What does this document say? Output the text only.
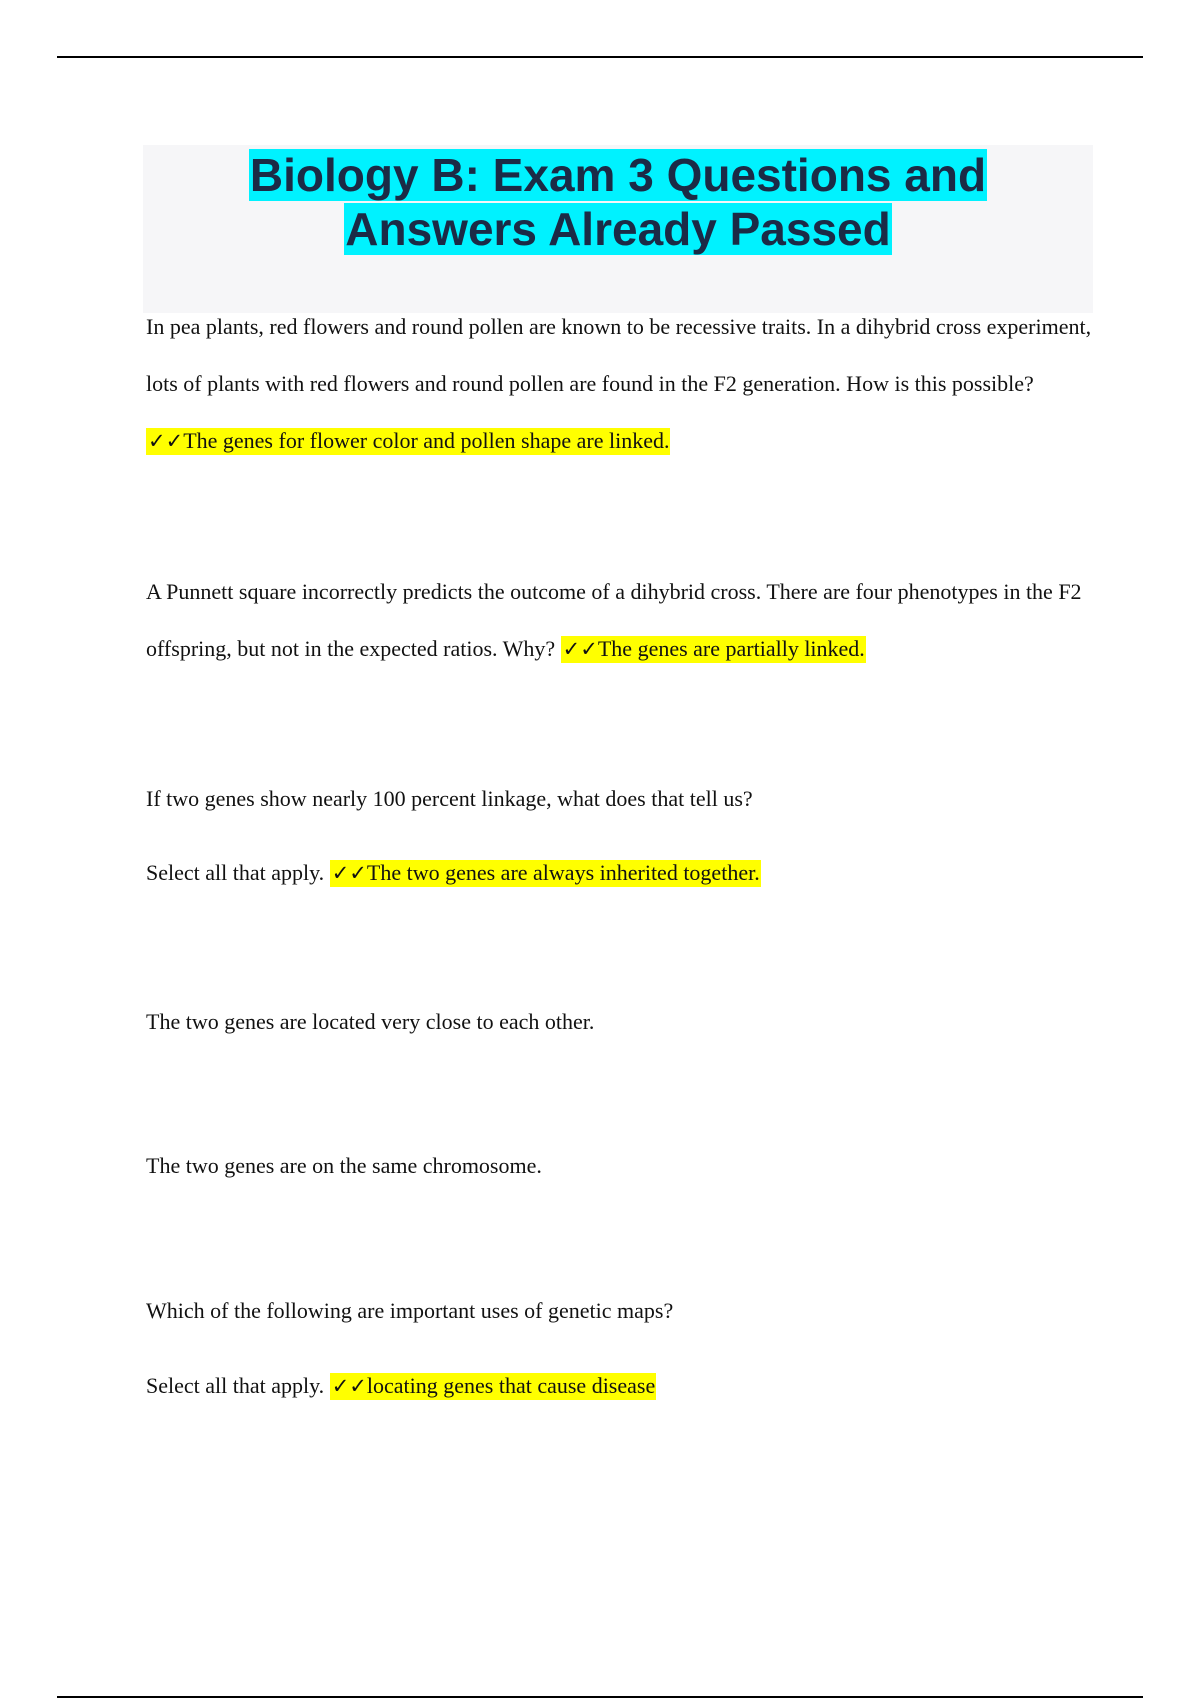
Biology B: Exam 3 Questions and
Answers Already Passed

In pea plants, red flowers and round pollen are known to be recessive traits. In a dihybrid cross experiment, lots of plants with red flowers and round pollen are found in the F2 generation. How is this possible? ✓✓The genes for flower color and pollen shape are linked.

A Punnett square incorrectly predicts the outcome of a dihybrid cross. There are four phenotypes in the F2 offspring, but not in the expected ratios. Why? ✓✓The genes are partially linked.

If two genes show nearly 100 percent linkage, what does that tell us?

Select all that apply. ✓✓The two genes are always inherited together.

The two genes are located very close to each other.

The two genes are on the same chromosome.

Which of the following are important uses of genetic maps?

Select all that apply. ✓✓locating genes that cause disease
